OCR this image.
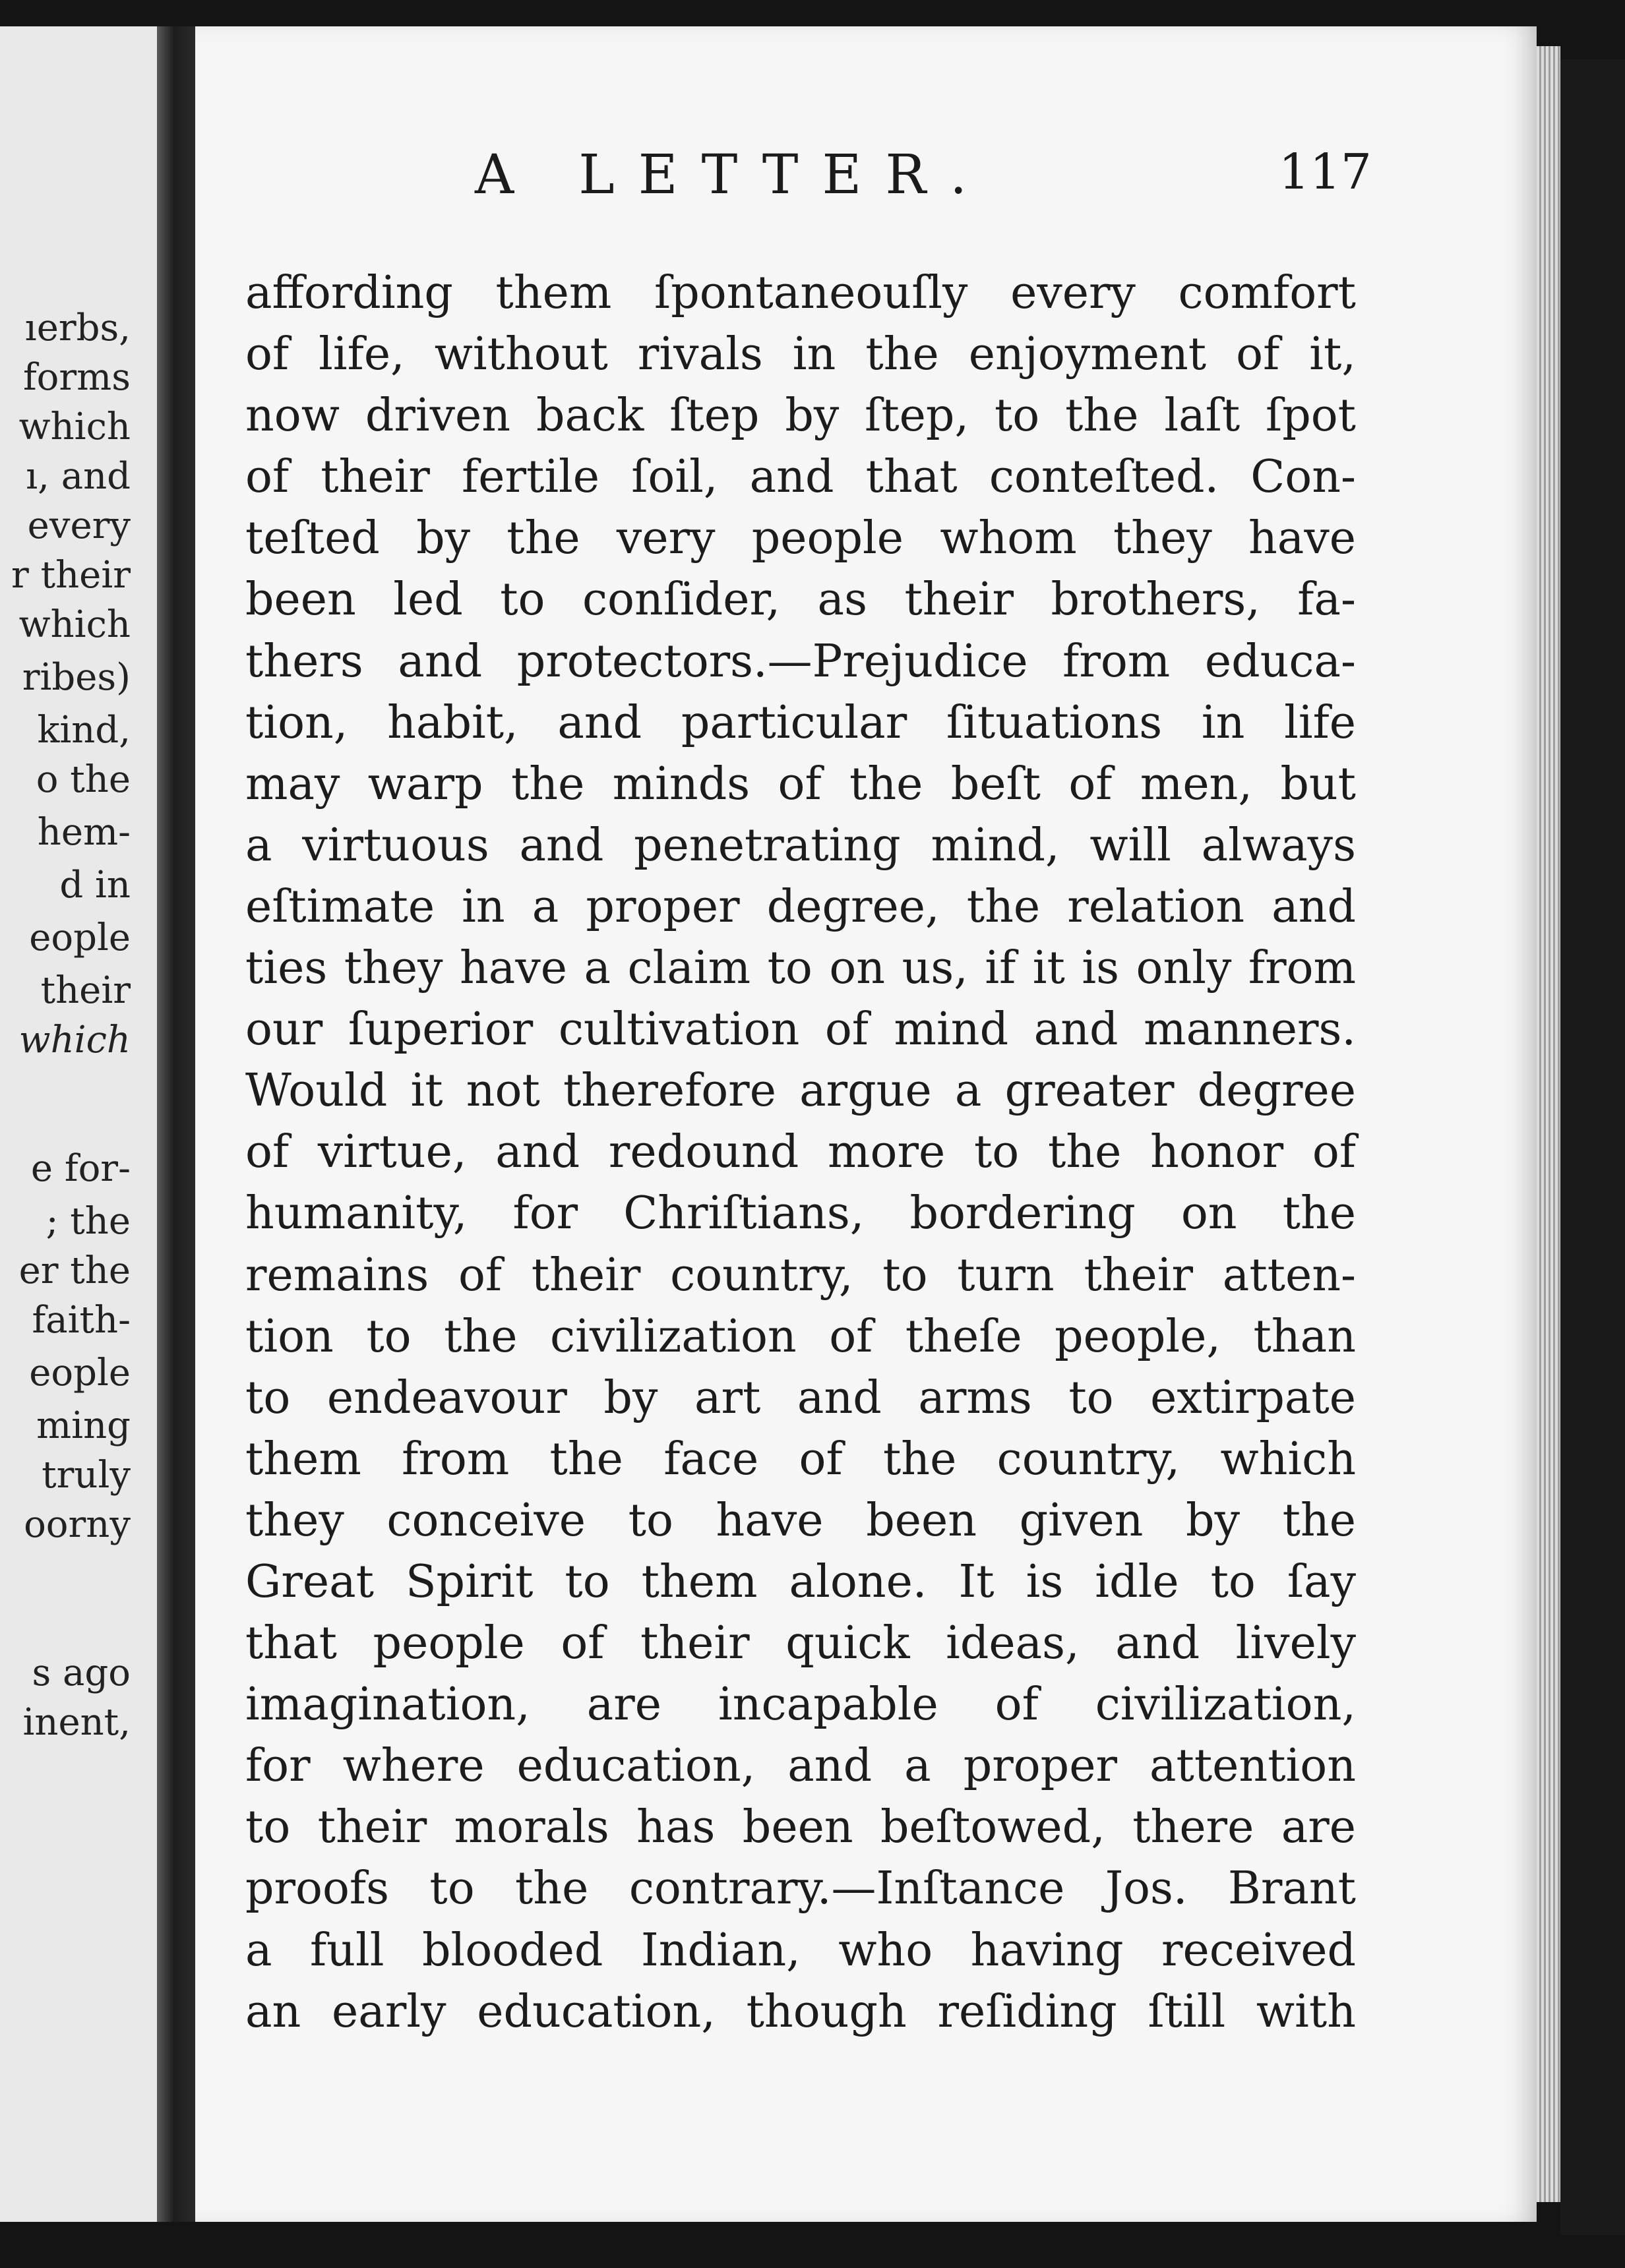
ıerbs,
forms
which
ı, and
every
r their
which
ribes)
kind,
o the
hem-
d in
eople
their
which
e for-
; the
er the
faith-
eople
ming
truly
oorny
s ago
inent,
A LETTER.	117
affording them ſpontaneouſly every comfort
of life, without rivals in the enjoyment of it,
now driven back ſtep by ſtep, to the laſt ſpot
of their fertile ſoil, and that conteſted. Con-
teſted by the very people whom they have
been led to conſider, as their brothers, fa-
thers and protectors.—Prejudice from educa-
tion, habit, and particular ſituations in life
may warp the minds of the beſt of men, but
a virtuous and penetrating mind, will always
eſtimate in a proper degree, the relation and
ties they have a claim to on us, if it is only from
our ſuperior cultivation of mind and manners.
Would it not therefore argue a greater degree
of virtue, and redound more to the honor of
humanity, for Chriſtians, bordering on the
remains of their country, to turn their atten-
tion to the civilization of theſe people, than
to endeavour by art and arms to extirpate
them from the face of the country, which
they conceive to have been given by the
Great Spirit to them alone. It is idle to ſay
that people of their quick ideas, and lively
imagination, are incapable of civilization,
for where education, and a proper attention
to their morals has been beſtowed, there are
proofs to the contrary.—Inſtance Jos. Brant
a full blooded Indian, who having received
an early education, though reſiding ſtill with
